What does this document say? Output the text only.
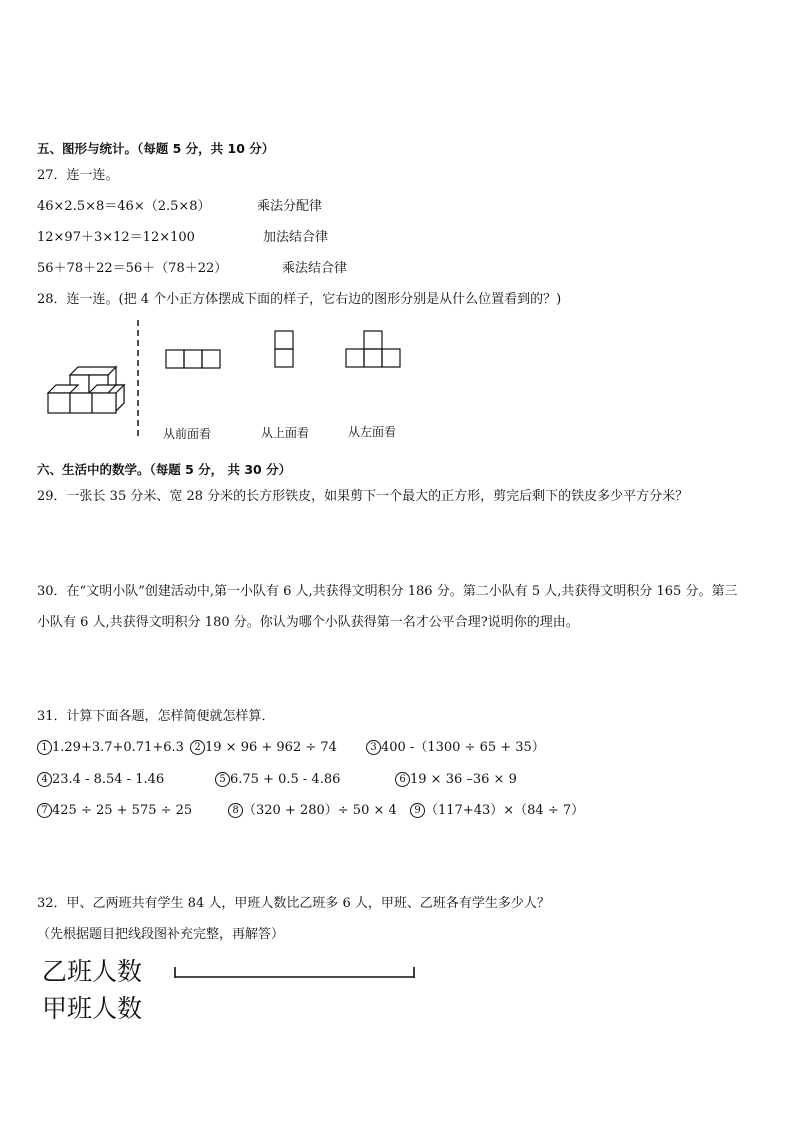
五、图形与统计。（每题 5 分，共 10 分）
27．连一连。
46×2.5×8＝46×（2.5×8）	乘法分配律
12×97＋3×12＝12×100	加法结合律
56＋78＋22＝56＋（78＋22）	乘法结合律
28．连一连。(把 4 个小正方体摆成下面的样子，它右边的图形分别是从什么位置看到的？)
从前面看	从上面看	从左面看
六、生活中的数学。（每题 5 分， 共 30 分）
29．一张长 35 分米、宽 28 分米的长方形铁皮，如果剪下一个最大的正方形，剪完后剩下的铁皮多少平方分米？
30．在“文明小队”创建活动中,第一小队有 6 人,共获得文明积分 186 分。第二小队有 5 人,共获得文明积分 165 分。第三
小队有 6 人,共获得文明积分 180 分。你认为哪个小队获得第一名才公平合理?说明你的理由。
31．计算下面各题，怎样简便就怎样算．
1 1.29+3.7+0.71+6.3	2 19 × 96 + 962 ÷ 74	3 400 -（1300 ÷ 65 + 35）
4 23.4 - 8.54 - 1.46	5 6.75 + 0.5 - 4.86	6 19 × 36 –36 × 9
7 425 ÷ 25 + 575 ÷ 25	8 （320 + 280）÷ 50 × 4	9 （117+43）×（84 ÷ 7）
32．甲、乙两班共有学生 84 人，甲班人数比乙班多 6 人，甲班、乙班各有学生多少人？
（先根据题目把线段图补充完整，再解答）
乙班人数
甲班人数
